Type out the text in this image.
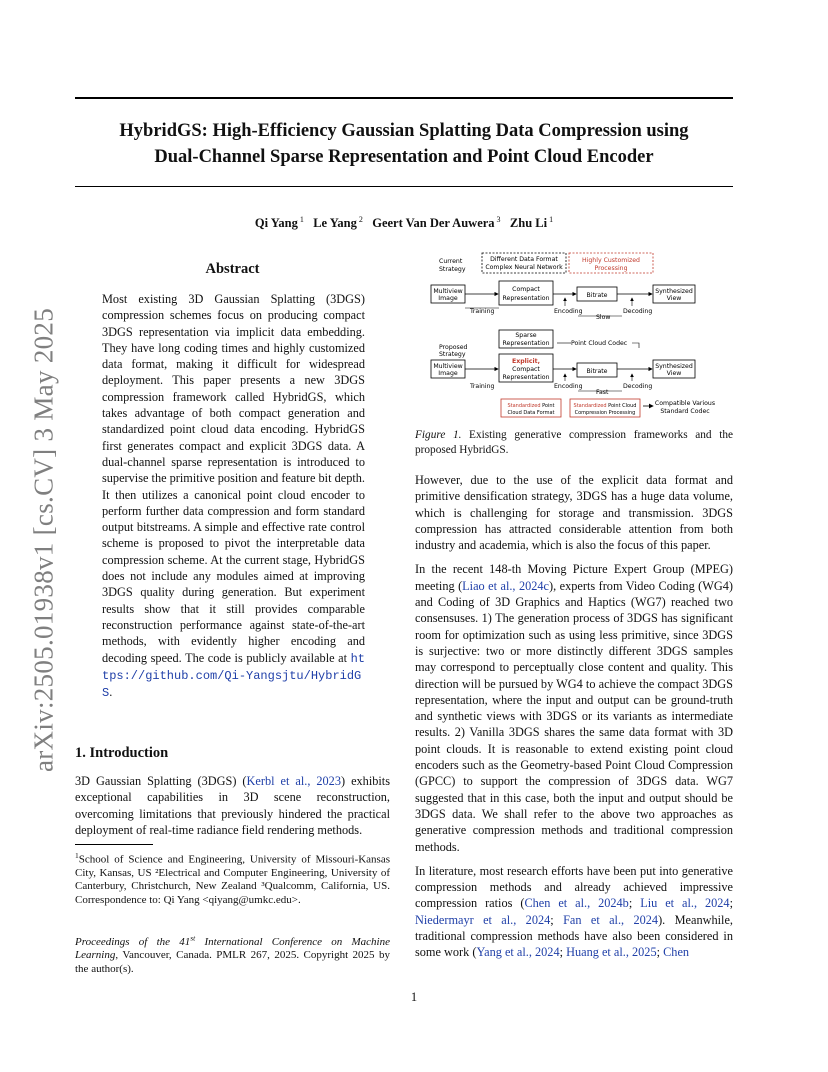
HybridGS: High-Efficiency Gaussian Splatting Data Compression using
Dual-Channel Sparse Representation and Point Cloud Encoder
Qi Yang $^1$ Le Yang $^2$ Geert Van Der Auwera $^3$ Zhu Li $^1$
arXiv:2505.01938v1 [cs.CV] 3 May 2025
Abstract

Most existing 3D Gaussian Splatting (3DGS) compression schemes focus on producing compact 3DGS representation via implicit data embedding. They have long coding times and highly customized data format, making it difficult for widespread deployment. This paper presents a new 3DGS compression framework called HybridGS, which takes advantage of both compact generation and standardized point cloud data encoding. HybridGS first generates compact and explicit 3DGS data. A dual-channel sparse representation is introduced to supervise the primitive position and feature bit depth. It then utilizes a canonical point cloud encoder to perform further data compression and form standard output bitstreams. A simple and effective rate control scheme is proposed to pivot the interpretable data compression scheme. At the current stage, HybridGS does not include any modules aimed at improving 3DGS quality during generation. But experiment results show that it still provides comparable reconstruction performance against state-of-the-art methods, with evidently higher encoding and decoding speed. The code is publicly available at https://github.com/Qi-Yangsjtu/HybridGS.

1. Introduction

3D Gaussian Splatting (3DGS) (Kerbl et al., 2023) exhibits exceptional capabilities in 3D scene reconstruction, overcoming limitations that previously hindered the practical deployment of real-time radiance field rendering methods.

$^1$School of Science and Engineering, University of Missouri-Kansas City, Kansas, US ²Electrical and Computer Engineering, University of Canterbury, Christchurch, New Zealand ³Qualcomm, California, US. Correspondence to: Qi Yang <qiyang@umkc.edu>.
Proceedings of the 41st International Conference on Machine Learning, Vancouver, Canada. PMLR 267, 2025. Copyright 2025 by the author(s).
Current
Strategy
Different Data Format
Complex Neural Network
Highly Customized
Processing
Multiview
Image
Compact
Representation	Bitrate
Synthesized
View
Training	Encoding	Decoding
Slow
Proposed
Strategy
Sparse
Representation	Point Cloud Codec
Multiview
Image
Explicit,
Compact
Representation
Bitrate
Synthesized
View
Training	Encoding	Decoding
Fast
Standardized Point
Cloud Data Format
Standardized Point Cloud
Compression Processing
Compatible Various
Standard Codec
Figure 1. Existing generative compression frameworks and the proposed HybridGS.

However, due to the use of the explicit data format and primitive densification strategy, 3DGS has a huge data volume, which is challenging for storage and transmission. 3DGS compression has attracted considerable attention from both industry and academia, which is also the focus of this paper.

In the recent 148-th Moving Picture Expert Group (MPEG) meeting (Liao et al., 2024c), experts from Video Coding (WG4) and Coding of 3D Graphics and Haptics (WG7) reached two consensuses. 1) The generation process of 3DGS has significant room for optimization such as using less primitive, since 3DGS is surjective: two or more distinctly different 3DGS samples may correspond to perceptually close content and quality. This direction will be pursued by WG4 to achieve the compact 3DGS representation, where the input and output can be ground-truth and synthetic views with 3DGS or its variants as intermediate results. 2) Vanilla 3DGS shares the same data format with 3D point clouds. It is reasonable to extend existing point cloud encoders such as the Geometry-based Point Cloud Compression (GPCC) to support the compression of 3DGS data. WG7 suggested that in this case, both the input and output should be 3DGS data. We shall refer to the above two approaches as generative compression methods and traditional compression methods.

In literature, most research efforts have been put into generative compression methods and already achieved impressive compression ratios (Chen et al., 2024b; Liu et al., 2024; Niedermayr et al., 2024; Fan et al., 2024). Meanwhile, traditional compression methods have also been considered in some work (Yang et al., 2024; Huang et al., 2025; Chen

1
